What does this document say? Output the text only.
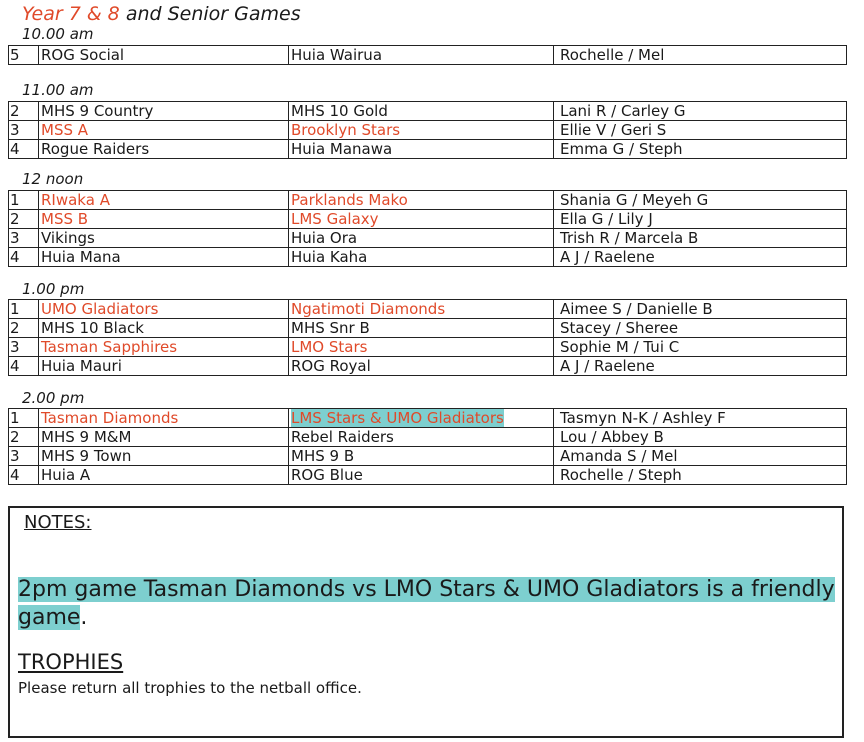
Year 7 & 8 and Senior Games
10.00 am
5	ROG Social	Huia Wairua	Rochelle / Mel
11.00 am
2	MHS 9 Country	MHS 10 Gold	Lani R / Carley G
3	MSS A	Brooklyn Stars	Ellie V / Geri S
4	Rogue Raiders	Huia Manawa	Emma G / Steph
12 noon
1	RIwaka A	Parklands Mako	Shania G / Meyeh G
2	MSS B	LMS Galaxy	Ella G / Lily J
3	Vikings	Huia Ora	Trish R / Marcela B
4	Huia Mana	Huia Kaha	A J / Raelene
1.00 pm
1	UMO Gladiators	Ngatimoti Diamonds	Aimee S / Danielle B
2	MHS 10 Black	MHS Snr B	Stacey / Sheree
3	Tasman Sapphires	LMO Stars	Sophie M / Tui C
4	Huia Mauri	ROG Royal	A J / Raelene
2.00 pm
1	Tasman Diamonds	LMS Stars & UMO Gladiators	Tasmyn N-K / Ashley F
2	MHS 9 M&M	Rebel Raiders	Lou / Abbey B
3	MHS 9 Town	MHS 9 B	Amanda S / Mel
4	Huia A	ROG Blue	Rochelle / Steph
NOTES:
2pm game Tasman Diamonds vs LMO Stars & UMO Gladiators is a friendly game.
TROPHIES
Please return all trophies to the netball office.
